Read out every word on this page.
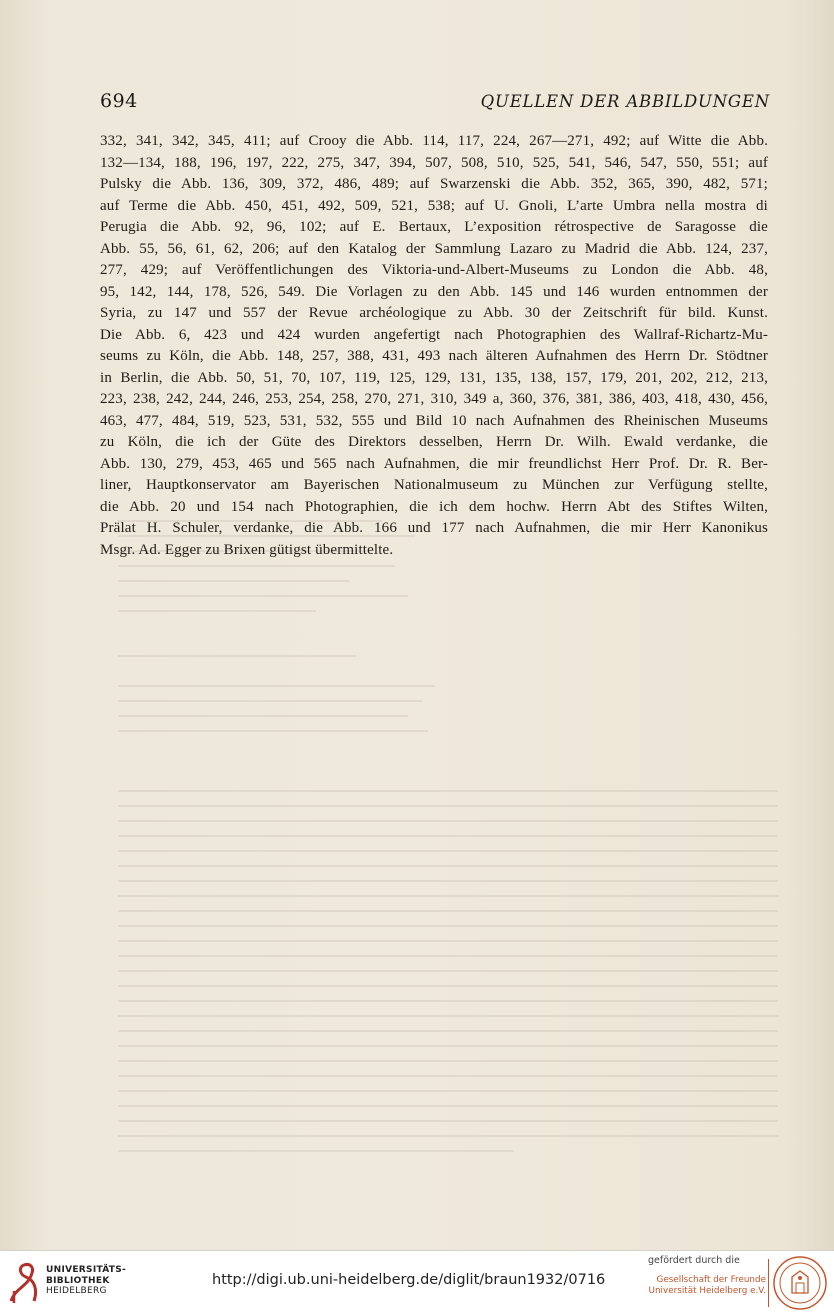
694	QUELLEN DER ABBILDUNGEN
332, 341, 342, 345, 411; auf Crooy die Abb. 114, 117, 224, 267—271, 492; auf Witte die Abb.
132—134, 188, 196, 197, 222, 275, 347, 394, 507, 508, 510, 525, 541, 546, 547, 550, 551; auf
Pulsky die Abb. 136, 309, 372, 486, 489; auf Swarzenski die Abb. 352, 365, 390, 482, 571;
auf Terme die Abb. 450, 451, 492, 509, 521, 538; auf U. Gnoli, L’arte Umbra nella mostra di
Perugia die Abb. 92, 96, 102; auf E. Bertaux, L’exposition rétrospective de Saragosse die
Abb. 55, 56, 61, 62, 206; auf den Katalog der Sammlung Lazaro zu Madrid die Abb. 124, 237,
277, 429; auf Veröffentlichungen des Viktoria-und-Albert-Museums zu London die Abb. 48,
95, 142, 144, 178, 526, 549. Die Vorlagen zu den Abb. 145 und 146 wurden entnommen der
Syria, zu 147 und 557 der Revue archéologique zu Abb. 30 der Zeitschrift für bild. Kunst.
Die Abb. 6, 423 und 424 wurden angefertigt nach Photographien des Wallraf-Richartz-Mu-
seums zu Köln, die Abb. 148, 257, 388, 431, 493 nach älteren Aufnahmen des Herrn Dr. Stödtner
in Berlin, die Abb. 50, 51, 70, 107, 119, 125, 129, 131, 135, 138, 157, 179, 201, 202, 212, 213,
223, 238, 242, 244, 246, 253, 254, 258, 270, 271, 310, 349 a, 360, 376, 381, 386, 403, 418, 430, 456,
463, 477, 484, 519, 523, 531, 532, 555 und Bild 10 nach Aufnahmen des Rheinischen Museums
zu Köln, die ich der Güte des Direktors desselben, Herrn Dr. Wilh. Ewald verdanke, die
Abb. 130, 279, 453, 465 und 565 nach Aufnahmen, die mir freundlichst Herr Prof. Dr. R. Ber-
liner, Hauptkonservator am Bayerischen Nationalmuseum zu München zur Verfügung stellte,
die Abb. 20 und 154 nach Photographien, die ich dem hochw. Herrn Abt des Stiftes Wilten,
Prälat H. Schuler, verdanke, die Abb. 166 und 177 nach Aufnahmen, die mir Herr Kanonikus
Msgr. Ad. Egger zu Brixen gütigst übermittelte.
UNIVERSITÄTS-
BIBLIOTHEK
HEIDELBERG
http://digi.ub.uni-heidelberg.de/diglit/braun1932/0716
gefördert durch die
Gesellschaft der Freunde
Universität Heidelberg e.V.
